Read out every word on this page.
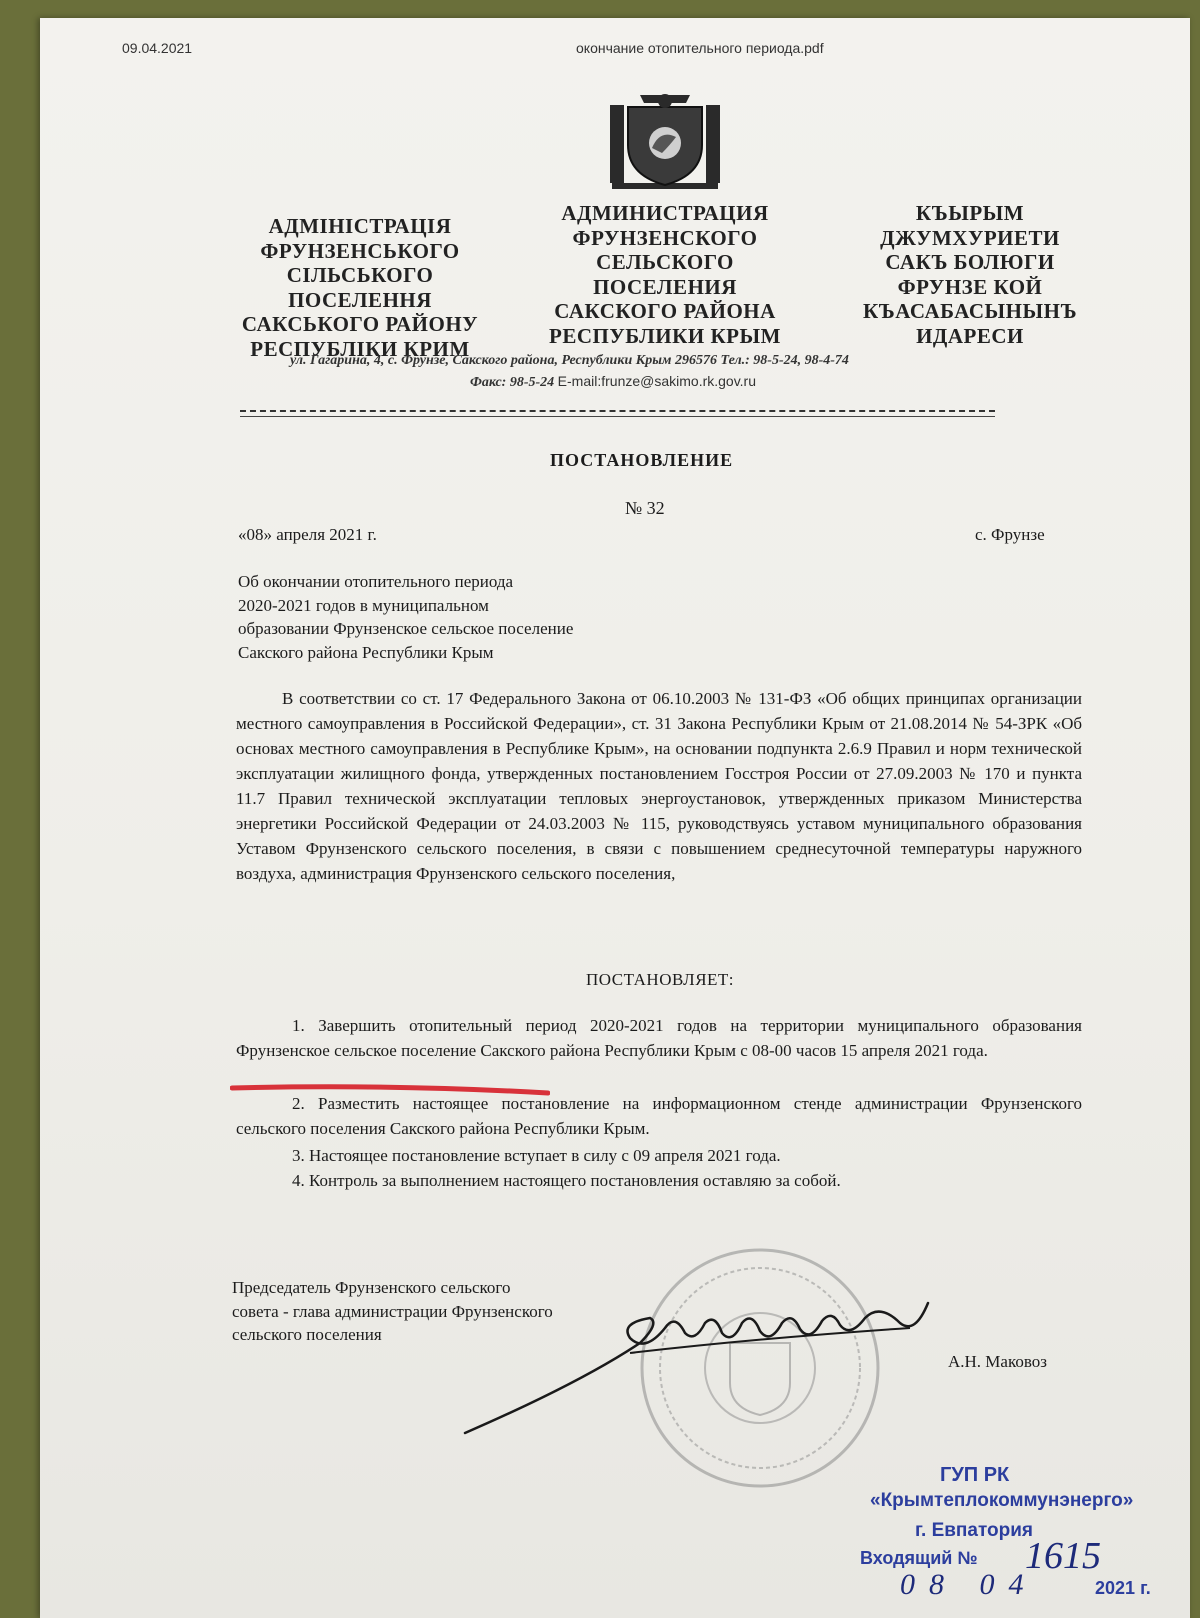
09.04.2021	окончание отопительного периода.pdf
АДМІНІСТРАЦІЯ
ФРУНЗЕНСЬКОГО
СІЛЬСЬКОГО
ПОСЕЛЕННЯ
САКСЬКОГО РАЙОНУ
РЕСПУБЛІКИ КРИМ
АДМИНИСТРАЦИЯ
ФРУНЗЕНСКОГО
СЕЛЬСКОГО
ПОСЕЛЕНИЯ
САКСКОГО РАЙОНА
РЕСПУБЛИКИ КРЫМ
КЪЫРЫМ
ДЖУМХУРИЕТИ
САКЪ БОЛЮГИ
ФРУНЗЕ КОЙ
КЪАСАБАСЫНЫНЪ
ИДАРЕСИ
ул. Гагарина, 4, с. Фрунзе, Сакского района, Республики Крым 296576 Тел.: 98-5-24, 98-4-74
Факс: 98-5-24 E-mail:frunze@sakimo.rk.gov.ru
ПОСТАНОВЛЕНИЕ
№ 32
«08» апреля 2021 г.	с. Фрунзе
Об окончании отопительного периода
2020-2021 годов в муниципальном
образовании Фрунзенское сельское поселение
Сакского района Республики Крым
В соответствии со ст. 17 Федерального Закона от 06.10.2003 № 131-ФЗ «Об общих принципах организации местного самоуправления в Российской Федерации», ст. 31 Закона Республики Крым от 21.08.2014 № 54-ЗРК «Об основах местного самоуправления в Республике Крым», на основании подпункта 2.6.9 Правил и норм технической эксплуатации жилищного фонда, утвержденных постановлением Госстроя России от 27.09.2003 № 170 и пункта 11.7 Правил технической эксплуатации тепловых энергоустановок, утвержденных приказом Министерства энергетики Российской Федерации от 24.03.2003 № 115, руководствуясь уставом муниципального образования Уставом Фрунзенского сельского поселения, в связи с повышением среднесуточной температуры наружного воздуха, администрация Фрунзенского сельского поселения,
ПОСТАНОВЛЯЕТ:
1. Завершить отопительный период 2020-2021 годов на территории муниципального образования Фрунзенское сельское поселение Сакского района Республики Крым с 08-00 часов 15 апреля 2021 года.
2. Разместить настоящее постановление на информационном стенде администрации Фрунзенского сельского поселения Сакского района Республики Крым.
3. Настоящее постановление вступает в силу с 09 апреля 2021 года.
4. Контроль за выполнением настоящего постановления оставляю за собой.
Председатель Фрунзенского сельского
совета - глава администрации Фрунзенского
сельского поселения
А.Н. Маковоз
ГУП РК
«Крымтеплокоммунэнерго»
г. Евпатория
Входящий № 1615
08 04	2021 г.
